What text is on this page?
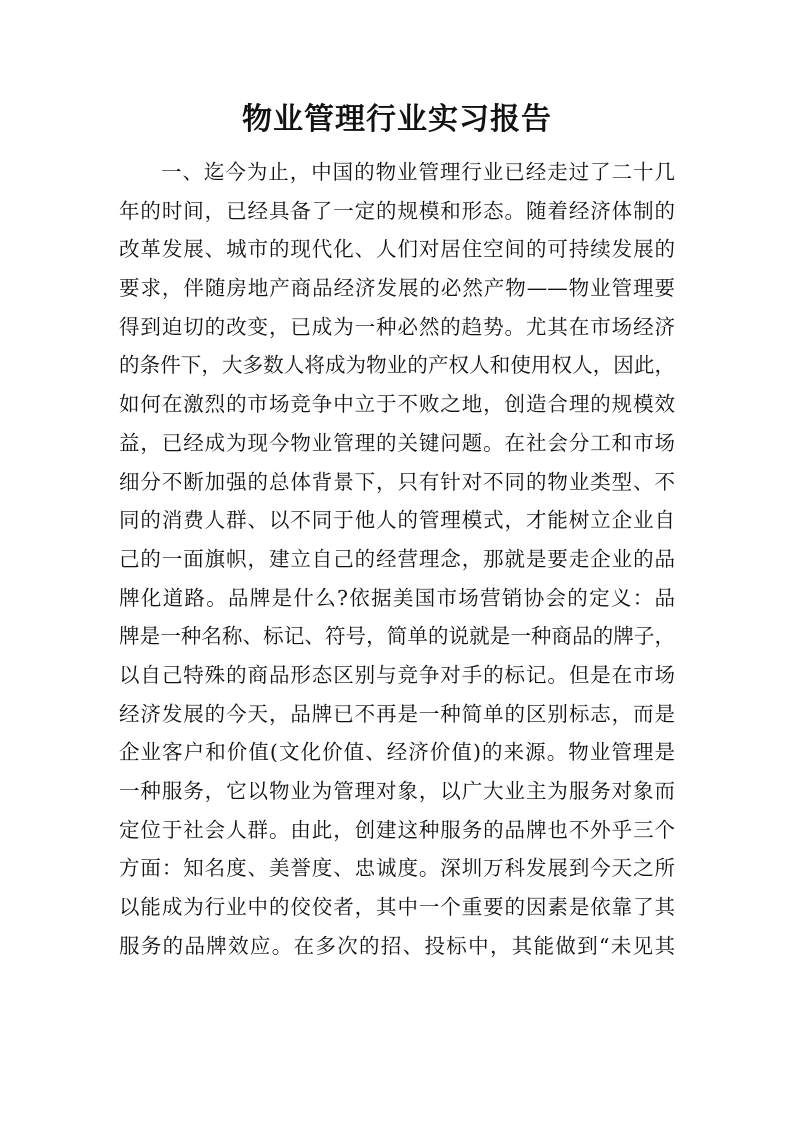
物业管理行业实习报告
一、迄今为止，中国的物业管理行业已经走过了二十几
年的时间，已经具备了一定的规模和形态。随着经济体制的
改革发展、城市的现代化、人们对居住空间的可持续发展的
要求，伴随房地产商品经济发展的必然产物——物业管理要
得到迫切的改变，已成为一种必然的趋势。尤其在市场经济
的条件下，大多数人将成为物业的产权人和使用权人，因此，
如何在激烈的市场竞争中立于不败之地，创造合理的规模效
益，已经成为现今物业管理的关键问题。在社会分工和市场
细分不断加强的总体背景下，只有针对不同的物业类型、不
同的消费人群、以不同于他人的管理模式，才能树立企业自
己的一面旗帜，建立自己的经营理念，那就是要走企业的品
牌化道路。品牌是什么?依据美国市场营销协会的定义：品
牌是一种名称、标记、符号，简单的说就是一种商品的牌子，
以自己特殊的商品形态区别与竞争对手的标记。但是在市场
经济发展的今天，品牌已不再是一种简单的区别标志，而是
企业客户和价值(文化价值、经济价值)的来源。物业管理是
一种服务，它以物业为管理对象，以广大业主为服务对象而
定位于社会人群。由此，创建这种服务的品牌也不外乎三个
方面：知名度、美誉度、忠诚度。深圳万科发展到今天之所
以能成为行业中的佼佼者，其中一个重要的因素是依靠了其
服务的品牌效应。在多次的招、投标中，其能做到“未见其
